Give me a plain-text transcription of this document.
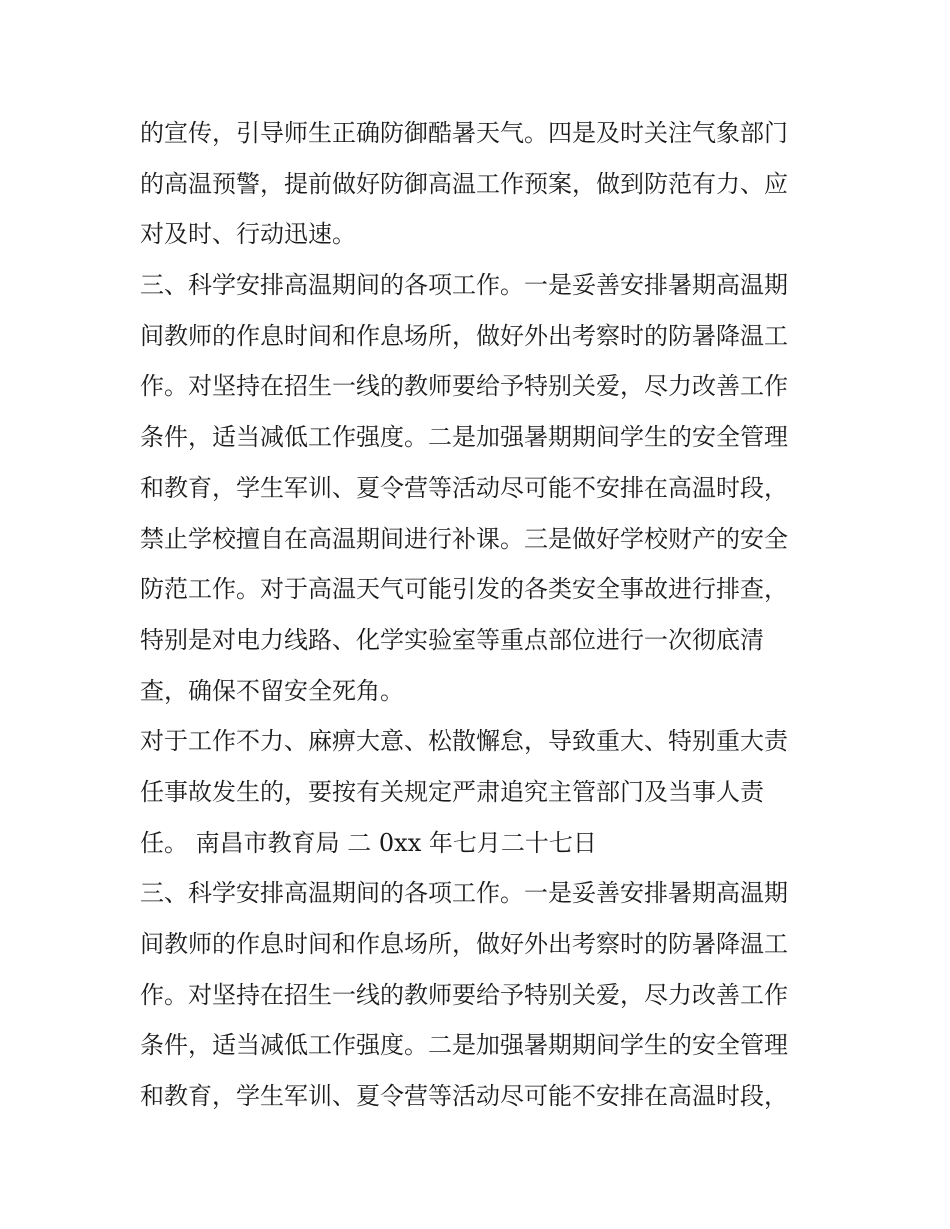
的宣传，引导师生正确防御酷暑天气。四是及时关注气象部门
的高温预警，提前做好防御高温工作预案，做到防范有力、应
对及时、行动迅速。
三、科学安排高温期间的各项工作。一是妥善安排暑期高温期
间教师的作息时间和作息场所，做好外出考察时的防暑降温工
作。对坚持在招生一线的教师要给予特别关爱，尽力改善工作
条件，适当减低工作强度。二是加强暑期期间学生的安全管理
和教育，学生军训、夏令营等活动尽可能不安排在高温时段，
禁止学校擅自在高温期间进行补课。三是做好学校财产的安全
防范工作。对于高温天气可能引发的各类安全事故进行排查，
特别是对电力线路、化学实验室等重点部位进行一次彻底清
查，确保不留安全死角。
对于工作不力、麻痹大意、松散懈怠，导致重大、特别重大责
任事故发生的，要按有关规定严肃追究主管部门及当事人责
任。 南昌市教育局 二 0xx 年七月二十七日
三、科学安排高温期间的各项工作。一是妥善安排暑期高温期
间教师的作息时间和作息场所，做好外出考察时的防暑降温工
作。对坚持在招生一线的教师要给予特别关爱，尽力改善工作
条件，适当减低工作强度。二是加强暑期期间学生的安全管理
和教育，学生军训、夏令营等活动尽可能不安排在高温时段，
